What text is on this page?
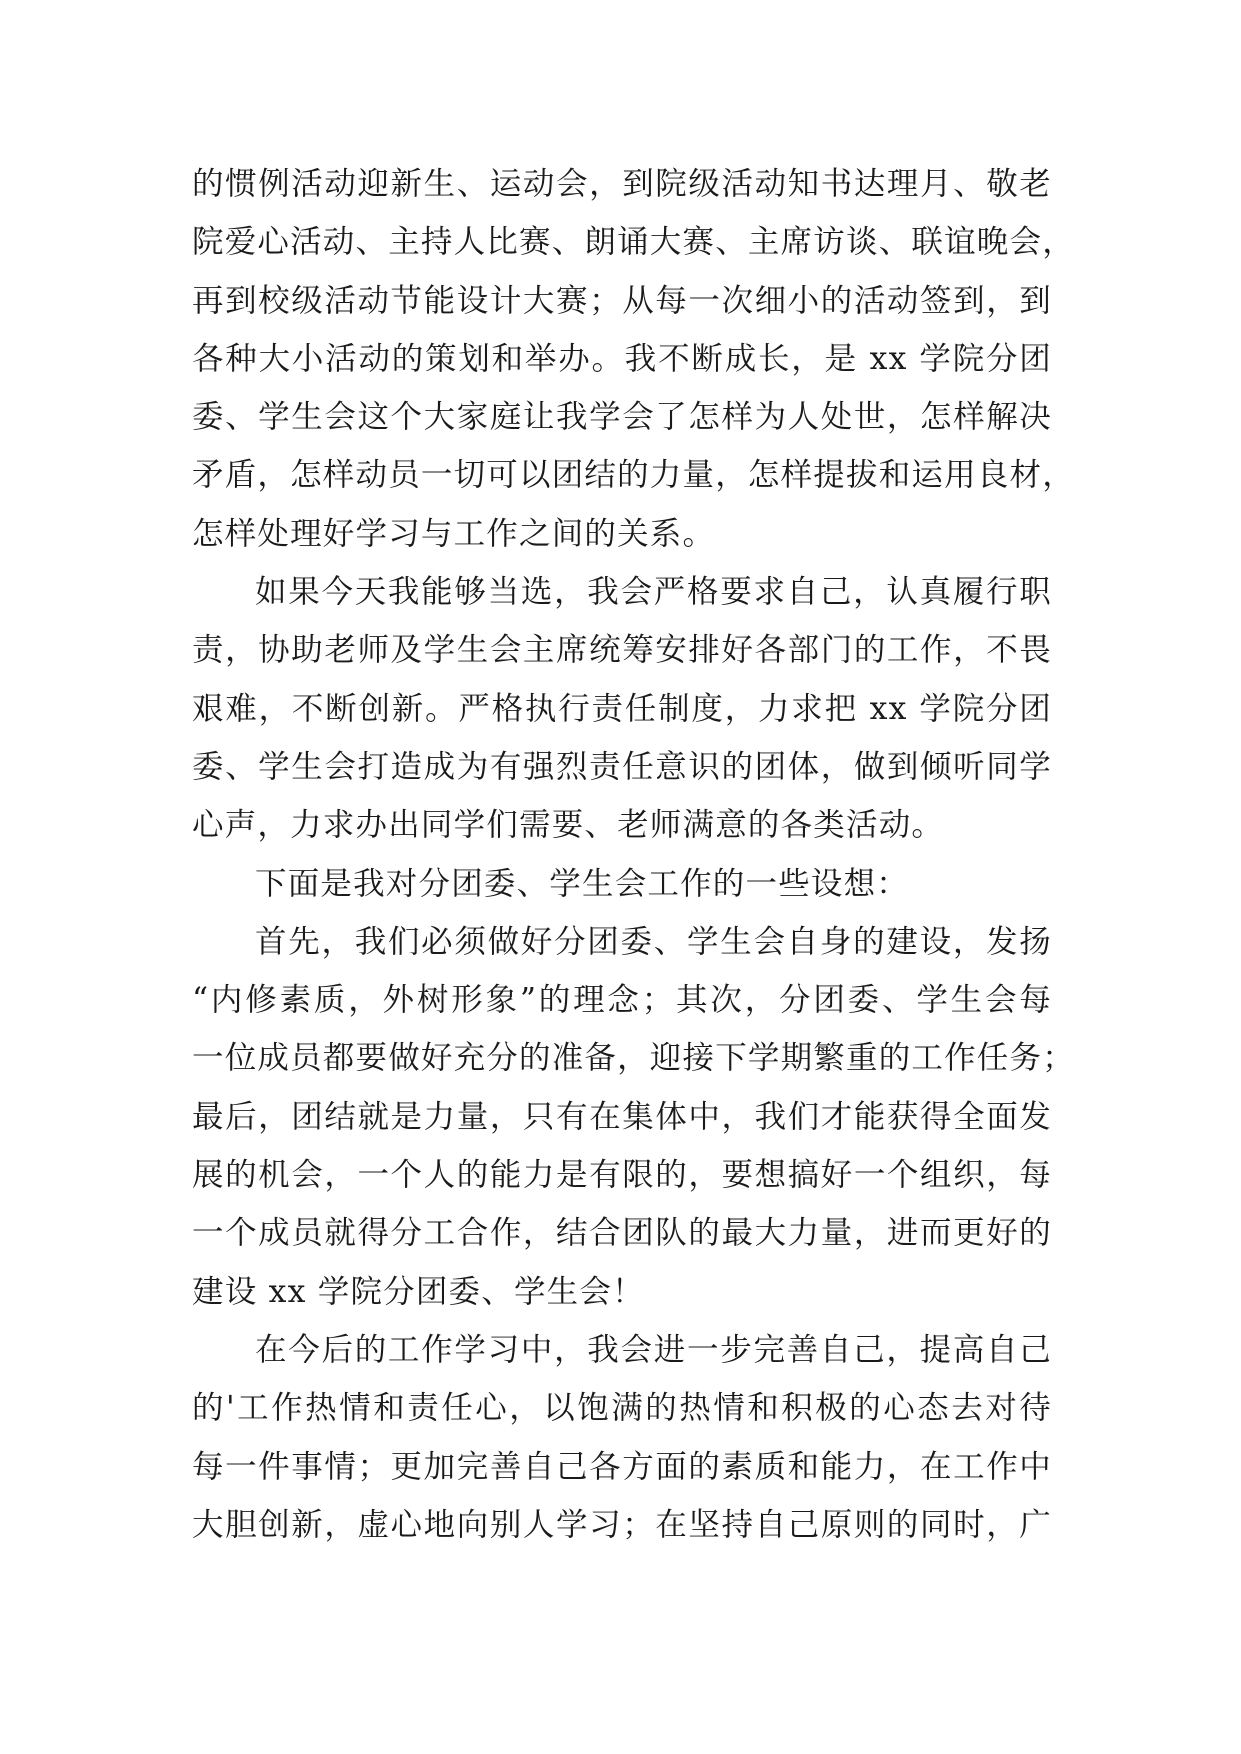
的惯例活动迎新生、运动会，到院级活动知书达理月、敬老
院爱心活动、主持人比赛、朗诵大赛、主席访谈、联谊晚会，
再到校级活动节能设计大赛；从每一次细小的活动签到，到
各种大小活动的策划和举办。我不断成长，是 xx 学院分团
委、学生会这个大家庭让我学会了怎样为人处世，怎样解决
矛盾，怎样动员一切可以团结的力量，怎样提拔和运用良材，
怎样处理好学习与工作之间的关系。
如果今天我能够当选，我会严格要求自己，认真履行职
责，协助老师及学生会主席统筹安排好各部门的工作，不畏
艰难，不断创新。严格执行责任制度，力求把 xx 学院分团
委、学生会打造成为有强烈责任意识的团体，做到倾听同学
心声，力求办出同学们需要、老师满意的各类活动。
下面是我对分团委、学生会工作的一些设想：
首先，我们必须做好分团委、学生会自身的建设，发扬
“内修素质，外树形象”的理念；其次，分团委、学生会每
一位成员都要做好充分的准备，迎接下学期繁重的工作任务；
最后，团结就是力量，只有在集体中，我们才能获得全面发
展的机会，一个人的能力是有限的，要想搞好一个组织，每
一个成员就得分工合作，结合团队的最大力量，进而更好的
建设 xx 学院分团委、学生会！
在今后的工作学习中，我会进一步完善自己，提高自己
的'工作热情和责任心，以饱满的热情和积极的心态去对待
每一件事情；更加完善自己各方面的素质和能力，在工作中
大胆创新，虚心地向别人学习；在坚持自己原则的同时，广
